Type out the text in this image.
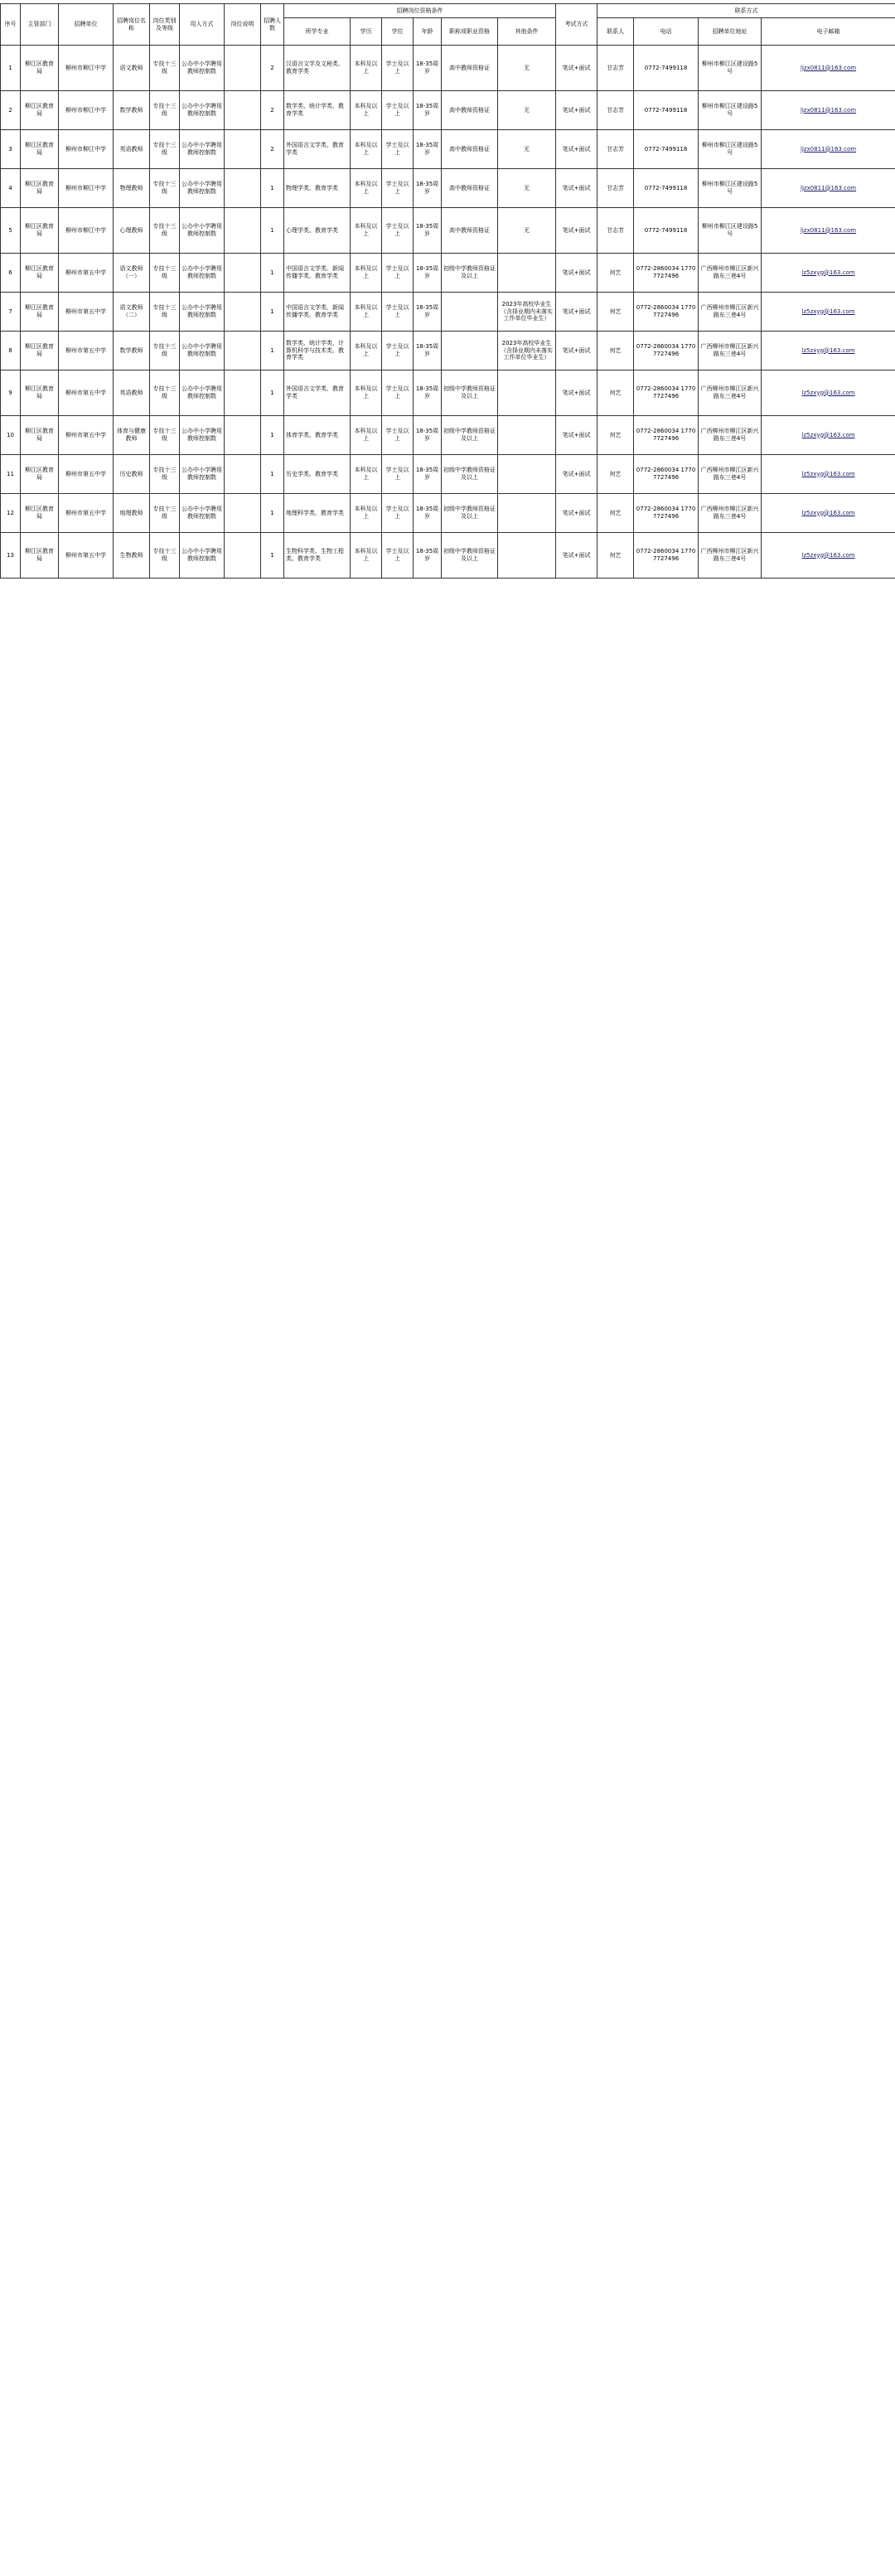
序号	主管部门	招聘单位	招聘岗位名称	岗位类别及等级	用人方式	岗位说明	招聘人数	招聘岗位资格条件						考试方式	联系方式			
								所学专业	学历	学位	年龄	职称或职业资格	其他条件		联系人	电话	招聘单位地址	电子邮箱
1	柳江区教育局	柳州市柳江中学	语文教师	专技十三级	公办中小学聘用教师控制数		2	汉语言文学及文秘类、教育学类	本科及以上	学士及以上	18-35周岁	高中教师资格证	无	笔试+面试	甘志芳	0772-7499118	柳州市柳江区建设路5号	ljzx0811@163.com
2	柳江区教育局	柳州市柳江中学	数学教师	专技十三级	公办中小学聘用教师控制数		2	数学类、统计学类、教育学类	本科及以上	学士及以上	18-35周岁	高中教师资格证	无	笔试+面试	甘志芳	0772-7499118	柳州市柳江区建设路5号	ljzx0811@163.com
3	柳江区教育局	柳州市柳江中学	英语教师	专技十三级	公办中小学聘用教师控制数		2	外国语言文学类、教育学类	本科及以上	学士及以上	18-35周岁	高中教师资格证	无	笔试+面试	甘志芳	0772-7499118	柳州市柳江区建设路5号	ljzx0811@163.com
4	柳江区教育局	柳州市柳江中学	物理教师	专技十三级	公办中小学聘用教师控制数		1	物理学类、教育学类	本科及以上	学士及以上	18-35周岁	高中教师资格证	无	笔试+面试	甘志芳	0772-7499118	柳州市柳江区建设路5号	ljzx0811@163.com
5	柳江区教育局	柳州市柳江中学	心理教师	专技十三级	公办中小学聘用教师控制数		1	心理学类、教育学类	本科及以上	学士及以上	18-35周岁	高中教师资格证	无	笔试+面试	甘志芳	0772-7499118	柳州市柳江区建设路5号	ljzx0811@163.com
6	柳江区教育局	柳州市第五中学	语文教师（一）	专技十三级	公办中小学聘用教师控制数		1	中国语言文学类、新闻传播学类、教育学类	本科及以上	学士及以上	18-35周岁	初级中学教师资格证及以上		笔试+面试	何艺	0772-2860034 17707727496	广西柳州市柳江区新兴路东三巷4号	lz5zxyg@163.com
7	柳江区教育局	柳州市第五中学	语文教师（二）	专技十三级	公办中小学聘用教师控制数		1	中国语言文学类、新闻传播学类、教育学类	本科及以上	学士及以上	18-35周岁		2023年高校毕业生（含择业期内未落实工作单位毕业生）	笔试+面试	何艺	0772-2860034 17707727496	广西柳州市柳江区新兴路东三巷4号	lz5zxyg@163.com
8	柳江区教育局	柳州市第五中学	数学教师	专技十三级	公办中小学聘用教师控制数		1	数学类、统计学类、计算机科学与技术类、教育学类	本科及以上	学士及以上	18-35周岁		2023年高校毕业生（含择业期内未落实工作单位毕业生）	笔试+面试	何艺	0772-2860034 17707727496	广西柳州市柳江区新兴路东三巷4号	lz5zxyg@163.com
9	柳江区教育局	柳州市第五中学	英语教师	专技十三级	公办中小学聘用教师控制数		1	外国语言文学类、教育学类	本科及以上	学士及以上	18-35周岁	初级中学教师资格证及以上		笔试+面试	何艺	0772-2860034 17707727496	广西柳州市柳江区新兴路东三巷4号	lz5zxyg@163.com
10	柳江区教育局	柳州市第五中学	体育与健康教师	专技十三级	公办中小学聘用教师控制数		1	体育学类、教育学类	本科及以上	学士及以上	18-35周岁	初级中学教师资格证及以上		笔试+面试	何艺	0772-2860034 17707727496	广西柳州市柳江区新兴路东三巷4号	lz5zxyg@163.com
11	柳江区教育局	柳州市第五中学	历史教师	专技十三级	公办中小学聘用教师控制数		1	历史学类、教育学类	本科及以上	学士及以上	18-35周岁	初级中学教师资格证及以上		笔试+面试	何艺	0772-2860034 17707727496	广西柳州市柳江区新兴路东三巷4号	lz5zxyg@163.com
12	柳江区教育局	柳州市第五中学	地理教师	专技十三级	公办中小学聘用教师控制数		1	地理科学类、教育学类	本科及以上	学士及以上	18-35周岁	初级中学教师资格证及以上		笔试+面试	何艺	0772-2860034 17707727496	广西柳州市柳江区新兴路东三巷4号	lz5zxyg@163.com
13	柳江区教育局	柳州市第五中学	生物教师	专技十三级	公办中小学聘用教师控制数		1	生物科学类、生物工程类、教育学类	本科及以上	学士及以上	18-35周岁	初级中学教师资格证及以上		笔试+面试	何艺	0772-2860034 17707727496	广西柳州市柳江区新兴路东三巷4号	lz5zxyg@163.com
